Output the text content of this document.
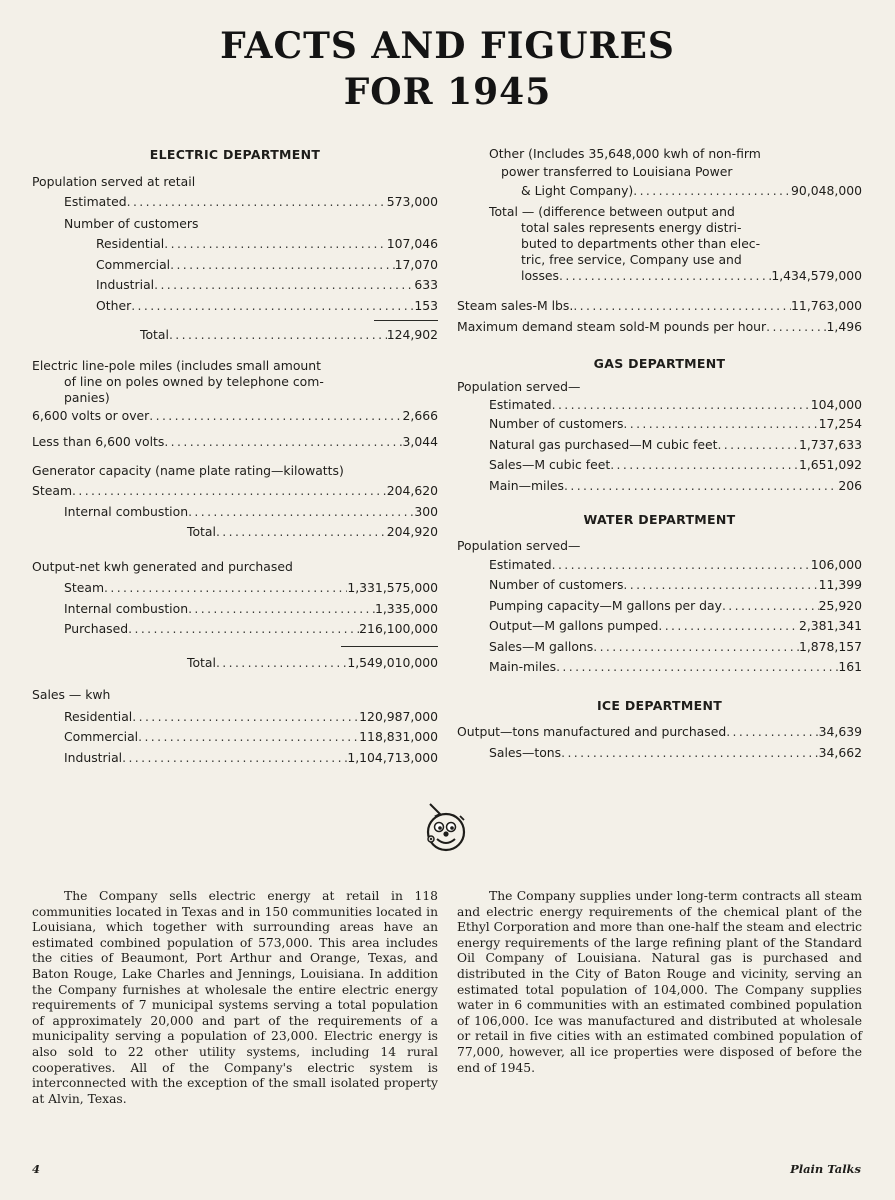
FACTS AND FIGURES
FOR 1945

ELECTRIC DEPARTMENT

Population served at retail
Estimated .....	573,000
Number of customers
Residential .....	107,046
Commercial .....	17,070
Industrial .....	633
Other .....	153
Total .....	124,902
Electric line-pole miles (includes small amount
of line on poles owned by telephone com-
panies)
6,600 volts or over .....	2,666
Less than 6,600 volts .....	3,044
Generator capacity (name plate rating—kilowatts)
Steam .....	204,620
Internal combustion .....	300
Total .....	204,920
Output-net kwh generated and purchased
Steam .....	1,331,575,000
Internal combustion .....	1,335,000
Purchased .....	216,100,000
Total .....	1,549,010,000
Sales — kwh
Residential .....	120,987,000
Commercial .....	118,831,000
Industrial .....	1,104,713,000
Other (Includes 35,648,000 kwh of non-firm
power transferred to Louisiana Power
& Light Company) .....	90,048,000
Total — (difference between output and
total sales represents energy distri-
buted to departments other than elec-
tric, free service, Company use and
losses .....	1,434,579,000
Steam sales-M lbs. .....	11,763,000
Maximum demand steam sold-M pounds per hour .....	1,496

GAS DEPARTMENT

Population served—
Estimated .....	104,000
Number of customers .....	17,254
Natural gas purchased—M cubic feet .....	1,737,633
Sales—M cubic feet .....	1,651,092
Main—miles .....	206

WATER DEPARTMENT

Population served—
Estimated .....	106,000
Number of customers .....	11,399
Pumping capacity—M gallons per day .....	25,920
Output—M gallons pumped .....	2,381,341
Sales—M gallons .....	1,878,157
Main-miles .....	161

ICE DEPARTMENT

Output—tons manufactured and purchased .....	34,639
Sales—tons .....	34,662

The Company sells electric energy at retail in 118 communities located in Texas and in 150 communities located in Louisiana, which together with surrounding areas have an estimated combined population of 573,000. This area includes the cities of Beaumont, Port Arthur and Orange, Texas, and Baton Rouge, Lake Charles and Jennings, Louisiana. In addition the Company furnishes at wholesale the entire electric energy requirements of 7 municipal systems serving a total population of approximately 20,000 and part of the requirements of a municipality serving a population of 23,000. Electric energy is also sold to 22 other utility systems, including 14 rural cooperatives. All of the Company's electric system is interconnected with the exception of the small isolated property at Alvin, Texas.

The Company supplies under long-term contracts all steam and electric energy requirements of the chemical plant of the Ethyl Corporation and more than one-half the steam and electric energy requirements of the large refining plant of the Standard Oil Company of Louisiana. Natural gas is purchased and distributed in the City of Baton Rouge and vicinity, serving an estimated total population of 104,000. The Company supplies water in 6 communities with an estimated combined population of 106,000. Ice was manufactured and distributed at wholesale or retail in five cities with an estimated combined population of 77,000, however, all ice properties were disposed of before the end of 1945.

4	Plain Talks
